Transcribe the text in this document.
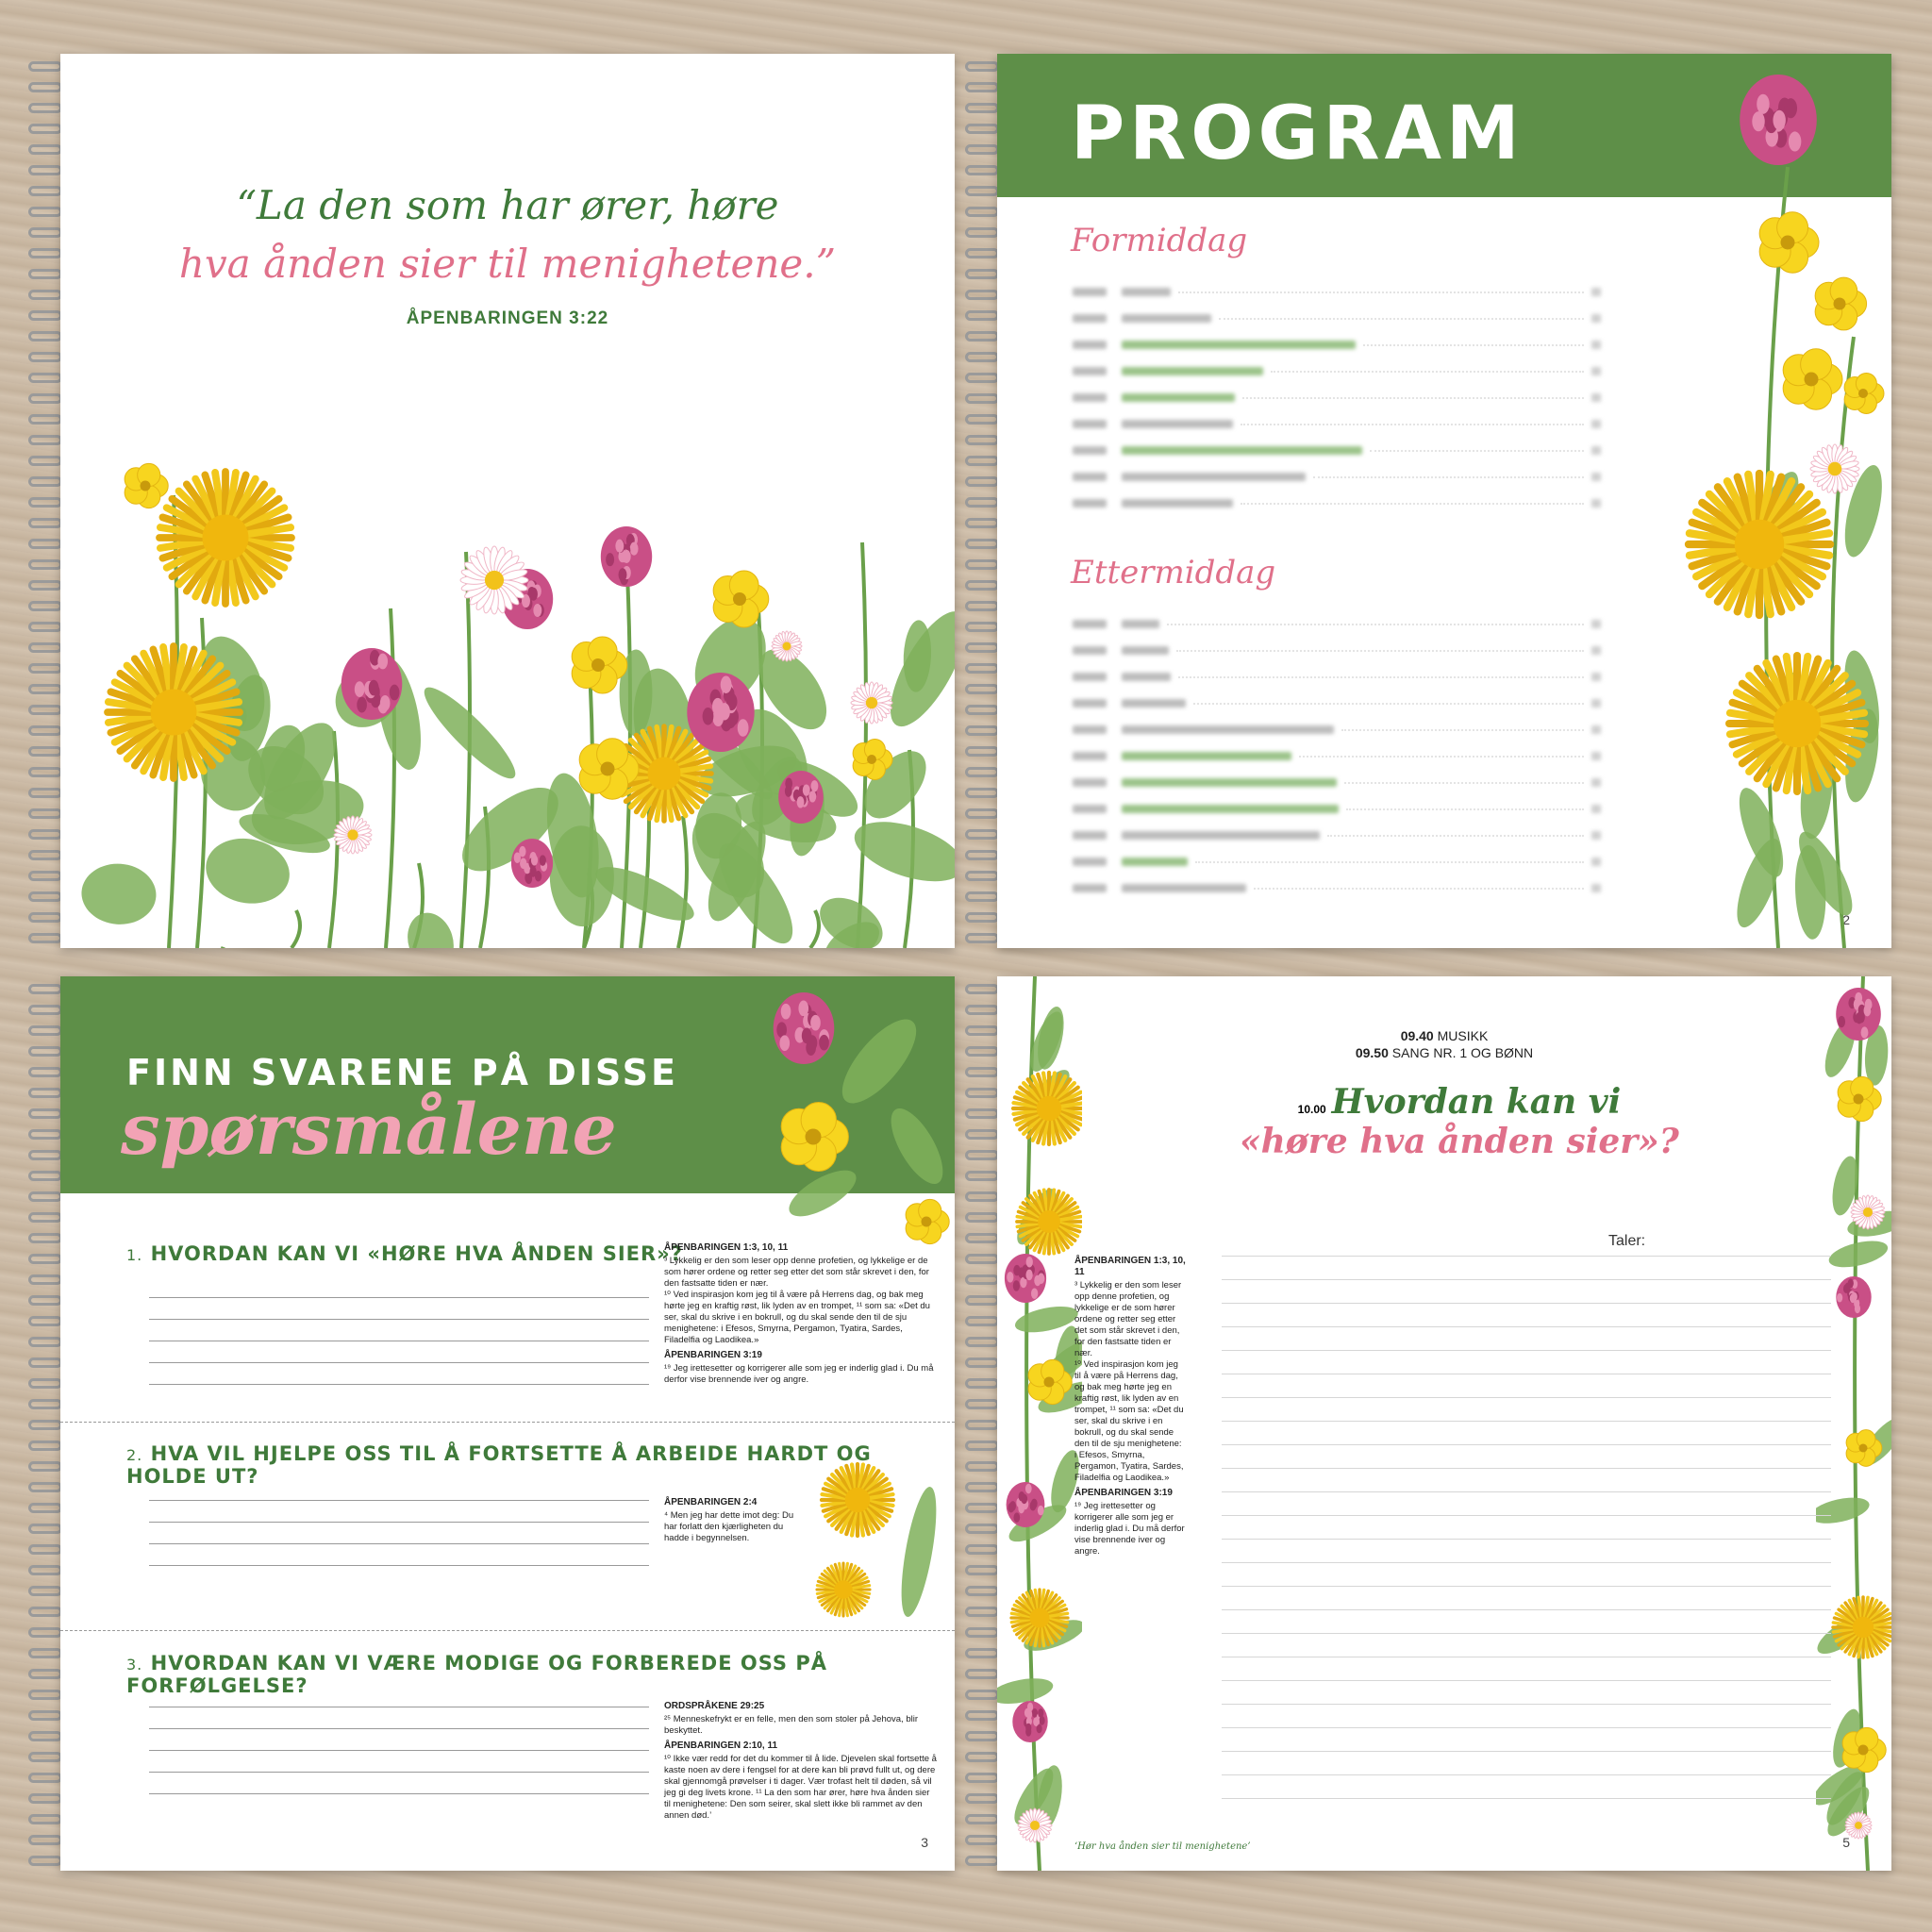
“La den som har ører, høre
hva ånden sier til menighetene.”
ÅPENBARINGEN 3:22
PROGRAM
Formiddag
Ettermiddag
2
FINN SVARENE PÅ DISSE
spørsmålene
1. HVORDAN KAN VI «HØRE HVA ÅNDEN SIER»?
ÅPENBARINGEN 1:3, 10, 11
³ Lykkelig er den som leser opp denne profetien, og lykkelige er de som hører ordene og retter seg etter det som står skrevet i den, for den fastsatte tiden er nær.
¹⁰ Ved inspirasjon kom jeg til å være på Herrens dag, og bak meg hørte jeg en kraftig røst, lik lyden av en trompet, ¹¹ som sa: «Det du ser, skal du skrive i en bokrull, og du skal sende den til de sju menighetene: i Efesos, Smyrna, Pergamon, Tyatira, Sardes, Filadelfia og Laodikea.»
ÅPENBARINGEN 3:19
¹⁹ Jeg irettesetter og korrigerer alle som jeg er inderlig glad i. Du må derfor vise brennende iver og angre.
2. HVA VIL HJELPE OSS TIL Å FORTSETTE Å ARBEIDE HARDT OG HOLDE UT?
ÅPENBARINGEN 2:4
⁴ Men jeg har dette imot deg: Du har forlatt den kjærligheten du hadde i begynnelsen.
3. HVORDAN KAN VI VÆRE MODIGE OG FORBEREDE OSS PÅ FORFØLGELSE?
ORDSPRÅKENE 29:25
²⁵ Menneskefrykt er en felle, men den som stoler på Jehova, blir beskyttet.
ÅPENBARINGEN 2:10, 11
¹⁰ Ikke vær redd for det du kommer til å lide. Djevelen skal fortsette å kaste noen av dere i fengsel for at dere kan bli prøvd fullt ut, og dere skal gjennomgå prøvelser i ti dager. Vær trofast helt til døden, så vil jeg gi deg livets krone. ¹¹ La den som har ører, høre hva ånden sier til menighetene: Den som seirer, skal slett ikke bli rammet av den annen død.’
3
09.40 MUSIKK
09.50 SANG NR. 1 OG BØNN
10.00 Hvordan kan vi
«høre hva ånden sier»?
Taler:
ÅPENBARINGEN 1:3, 10, 11
³ Lykkelig er den som leser opp denne profetien, og lykkelige er de som hører ordene og retter seg etter det som står skrevet i den, for den fastsatte tiden er nær.
¹⁰ Ved inspirasjon kom jeg til å være på Herrens dag, og bak meg hørte jeg en kraftig røst, lik lyden av en trompet, ¹¹ som sa: «Det du ser, skal du skrive i en bokrull, og du skal sende den til de sju menighetene: i Efesos, Smyrna, Pergamon, Tyatira, Sardes, Filadelfia og Laodikea.»
ÅPENBARINGEN 3:19
¹⁹ Jeg irettesetter og korrigerer alle som jeg er inderlig glad i. Du må derfor vise brennende iver og angre.
‘Hør hva ånden sier til menighetene’	5
